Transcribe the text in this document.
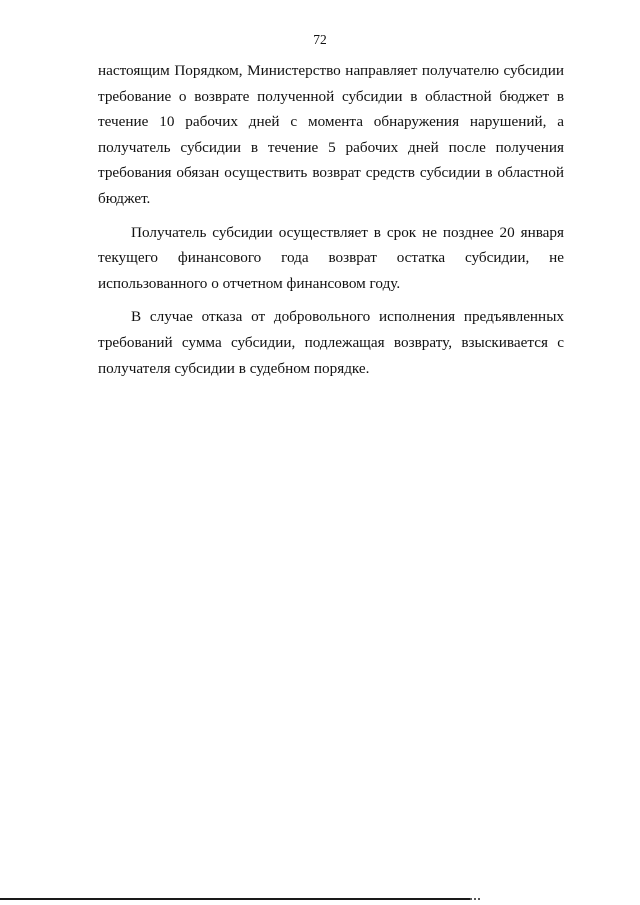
72

настоящим Порядком, Министерство направляет получателю субсидии требование о возврате полученной субсидии в областной бюджет в течение 10 рабочих дней с момента обнаружения нарушений, а получатель субсидии в течение 5 рабочих дней после получения требования обязан осуществить возврат средств субсидии в областной бюджет.

Получатель субсидии осуществляет в срок не позднее 20 января текущего финансового года возврат остатка субсидии, не использованного о отчетном финансовом году.

В случае отказа от добровольного исполнения предъявленных требований сумма субсидии, подлежащая возврату, взыскивается с получателя субсидии в судебном порядке.
